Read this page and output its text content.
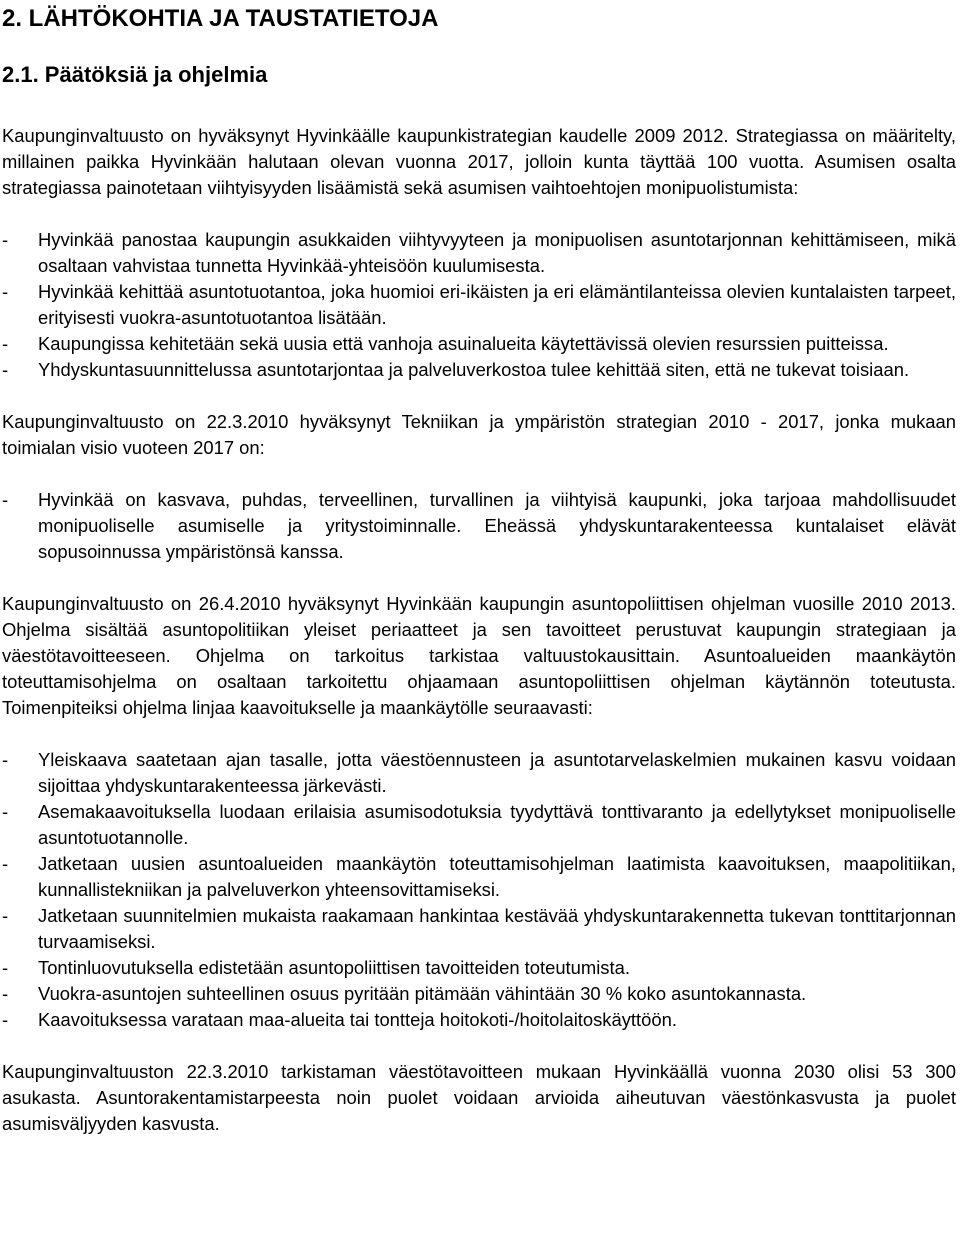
2. LÄHTÖKOHTIA JA TAUSTATIETOJA
2.1. Päätöksiä ja ohjelmia

Kaupunginvaltuusto on hyväksynyt Hyvinkäälle kaupunkistrategian kaudelle 2009 2012. Strategiassa on määritelty, millainen paikka Hyvinkään halutaan olevan vuonna 2017, jolloin kunta täyttää 100 vuotta. Asumisen osalta strategiassa painotetaan viihtyisyyden lisäämistä sekä asumisen vaihtoehtojen monipuolistumista:

- Hyvinkää panostaa kaupungin asukkaiden viihtyvyyteen ja monipuolisen asuntotarjonnan kehittämiseen, mikä osaltaan vahvistaa tunnetta Hyvinkää-yhteisöön kuulumisesta.
- Hyvinkää kehittää asuntotuotantoa, joka huomioi eri-ikäisten ja eri elämäntilanteissa olevien kuntalaisten tarpeet, erityisesti vuokra-asuntotuotantoa lisätään.
- Kaupungissa kehitetään sekä uusia että vanhoja asuinalueita käytettävissä olevien resurssien puitteissa.
- Yhdyskuntasuunnittelussa asuntotarjontaa ja palveluverkostoa tulee kehittää siten, että ne tukevat toisiaan.

Kaupunginvaltuusto on 22.3.2010 hyväksynyt Tekniikan ja ympäristön strategian 2010 - 2017, jonka mukaan toimialan visio vuoteen 2017 on:

- Hyvinkää on kasvava, puhdas, terveellinen, turvallinen ja viihtyisä kaupunki, joka tarjoaa mahdollisuudet monipuoliselle asumiselle ja yritystoiminnalle. Eheässä yhdyskuntarakenteessa kuntalaiset elävät sopusoinnussa ympäristönsä kanssa.

Kaupunginvaltuusto on 26.4.2010 hyväksynyt Hyvinkään kaupungin asuntopoliittisen ohjelman vuosille 2010 2013. Ohjelma sisältää asuntopolitiikan yleiset periaatteet ja sen tavoitteet perustuvat kaupungin strategiaan ja väestötavoitteeseen. Ohjelma on tarkoitus tarkistaa valtuustokausittain. Asuntoalueiden maankäytön toteuttamisohjelma on osaltaan tarkoitettu ohjaamaan asuntopoliittisen ohjelman käytännön toteutusta. Toimenpiteiksi ohjelma linjaa kaavoitukselle ja maankäytölle seuraavasti:

- Yleiskaava saatetaan ajan tasalle, jotta väestöennusteen ja asuntotarvelaskelmien mukainen kasvu voidaan sijoittaa yhdyskuntarakenteessa järkevästi.
- Asemakaavoituksella luodaan erilaisia asumisodotuksia tyydyttävä tonttivaranto ja edellytykset monipuoliselle asuntotuotannolle.
- Jatketaan uusien asuntoalueiden maankäytön toteuttamisohjelman laatimista kaavoituksen, maapolitiikan, kunnallistekniikan ja palveluverkon yhteensovittamiseksi.
- Jatketaan suunnitelmien mukaista raakamaan hankintaa kestävää yhdyskuntarakennetta tukevan tonttitarjonnan turvaamiseksi.
- Tontinluovutuksella edistetään asuntopoliittisen tavoitteiden toteutumista.
- Vuokra-asuntojen suhteellinen osuus pyritään pitämään vähintään 30 % koko asuntokannasta.
- Kaavoituksessa varataan maa-alueita tai tontteja hoitokoti-/hoitolaitoskäyttöön.

Kaupunginvaltuuston 22.3.2010 tarkistaman väestötavoitteen mukaan Hyvinkäällä vuonna 2030 olisi 53 300 asukasta. Asuntorakentamistarpeesta noin puolet voidaan arvioida aiheutuvan väestönkasvusta ja puolet asumisväljyyden kasvusta.
